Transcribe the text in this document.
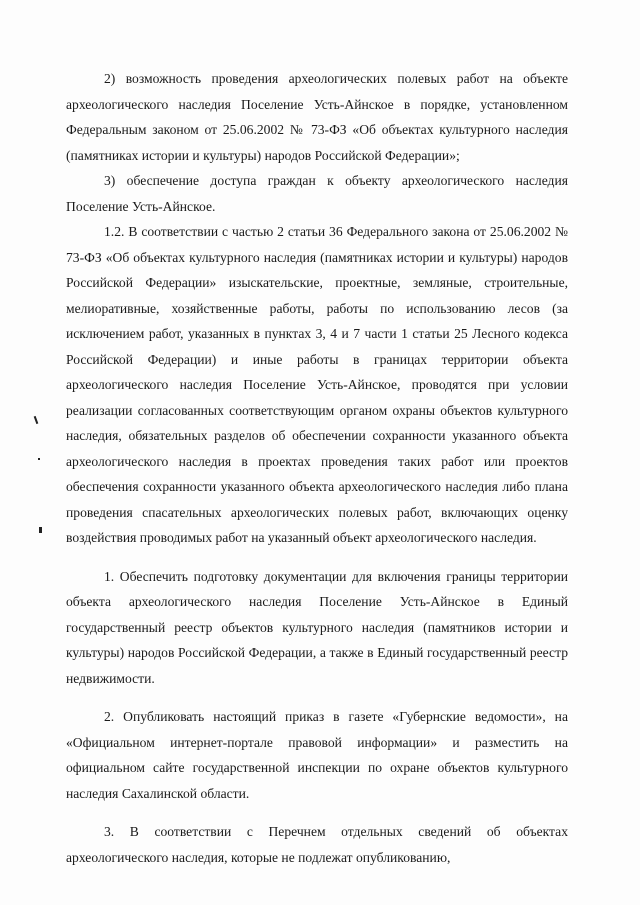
2) возможность проведения археологических полевых работ на объекте археологического наследия Поселение Усть-Айнское в порядке, установленном Федеральным законом от 25.06.2002 № 73-ФЗ «Об объектах культурного наследия (памятниках истории и культуры) народов Российской Федерации»;

3) обеспечение доступа граждан к объекту археологического наследия Поселение Усть-Айнское.

1.2. В соответствии с частью 2 статьи 36 Федерального закона от 25.06.2002 № 73-ФЗ «Об объектах культурного наследия (памятниках истории и культуры) народов Российской Федерации» изыскательские, проектные, земляные, строительные, мелиоративные, хозяйственные работы, работы по использованию лесов (за исключением работ, указанных в пунктах 3, 4 и 7 части 1 статьи 25 Лесного кодекса Российской Федерации) и иные работы в границах территории объекта археологического наследия Поселение Усть-Айнское, проводятся при условии реализации согласованных соответствующим органом охраны объектов культурного наследия, обязательных разделов об обеспечении сохранности указанного объекта археологического наследия в проектах проведения таких работ или проектов обеспечения сохранности указанного объекта археологического наследия либо плана проведения спасательных археологических полевых работ, включающих оценку воздействия проводимых работ на указанный объект археологического наследия.

1. Обеспечить подготовку документации для включения границы территории объекта археологического наследия Поселение Усть-Айнское в Единый государственный реестр объектов культурного наследия (памятников истории и культуры) народов Российской Федерации, а также в Единый государственный реестр недвижимости.

2. Опубликовать настоящий приказ в газете «Губернские ведомости», на «Официальном интернет-портале правовой информации» и разместить на официальном сайте государственной инспекции по охране объектов культурного наследия Сахалинской области.

3. В соответствии с Перечнем отдельных сведений об объектах археологического наследия, которые не подлежат опубликованию,
